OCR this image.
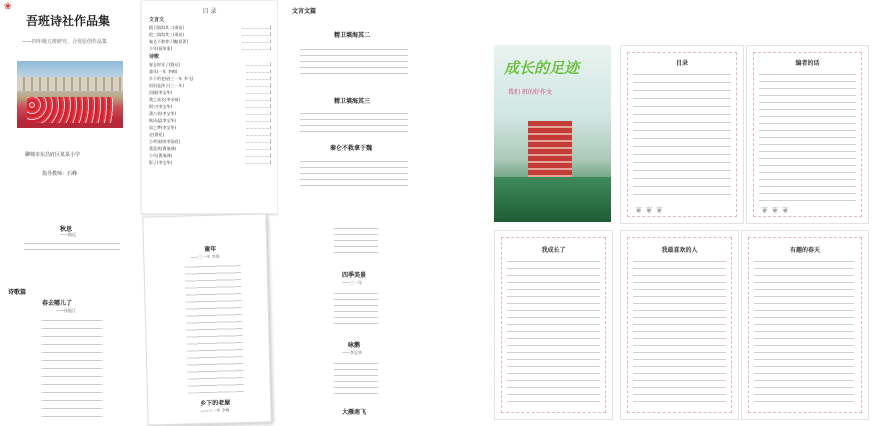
❀
吾班诗社作品集
——四年级五班研究、合发原创作品集
聊城市东昌府区某某小学
指导教师：石峰
目 录
文言文
精卫填海其二(乘田)	…………………)
把三填海其三(乘田)	…………………)
秦仑不救拿于魏(原著)	…………………)
少年(原故事)	…………………)
诗歌
春去时光了(路远)	………………)
童年(一年 李梅)	………………)
乡下的老屋(三一年 李飞)	………………)
妈妈是孩子(三一年)	………………)
回顾(李宝华)	………………)
我之成长(李采萌)	………………)
阿宁(李宝华)	………………)
蒲公英(李宝华)	………………)
秋风起(李宝华)	………………)
雨之梦(李宝华)	………………)
走(唐花)	………………)
小草丝粉(李雨欣)	………………)
我喜欢(曹瑞洲)	………………)
小鸟(曹瑞洲)	………………)
影子(李宝华)	………………)
文言文篇
精卫填海其二
精卫填海其三
秦仑不救拿于魏
四季美景
——三一年
咏鹅
——李宝华
大雁南飞
秋思
——路远
诗歌篇
春去哪儿了
——孙振江
童年
——三一年 李成
乡下的老屋
——三一年 李梅
成长的足迹
我们 班的好作文
目录
❦ ❦ ❦
编者的话
❦ ❦ ❦
我成长了	我最喜欢的人	有趣的春天
